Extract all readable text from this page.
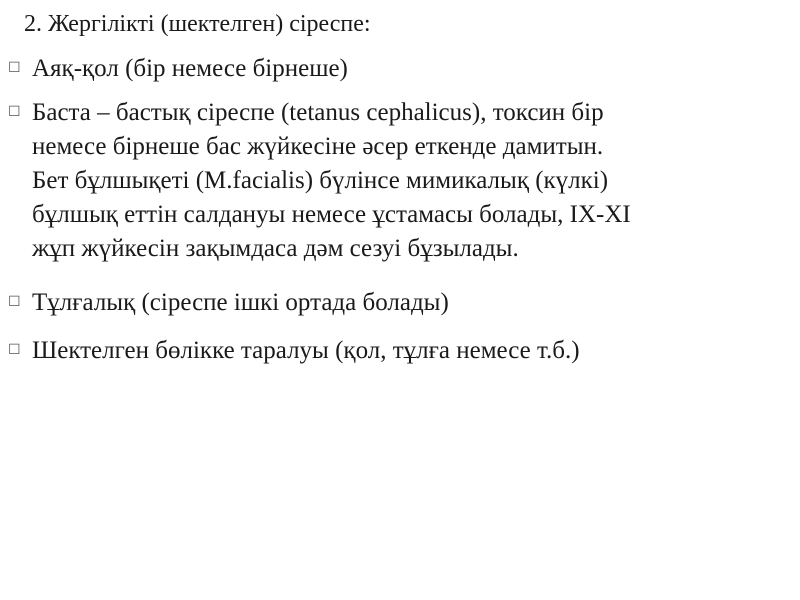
2. Жергілікті (шектелген) сіреспе:
☐ Аяқ-қол (бір немесе бірнеше)
☐ Баста – бастық сіреспе (tetanus cephalicus), токсин бір
немесе бірнеше бас жүйкесіне әсер еткенде дамитын.
Бет бұлшықеті (M.facialis) бүлінсе мимикалық (күлкі)
бұлшық еттін салдануы немесе ұстамасы болады, IX-XI
жұп жүйкесін зақымдаса дәм сезуі бұзылады.
☐ Тұлғалық (сіреспе ішкі ортада болады)
☐ Шектелген бөлікке таралуы (қол, тұлға немесе т.б.)
